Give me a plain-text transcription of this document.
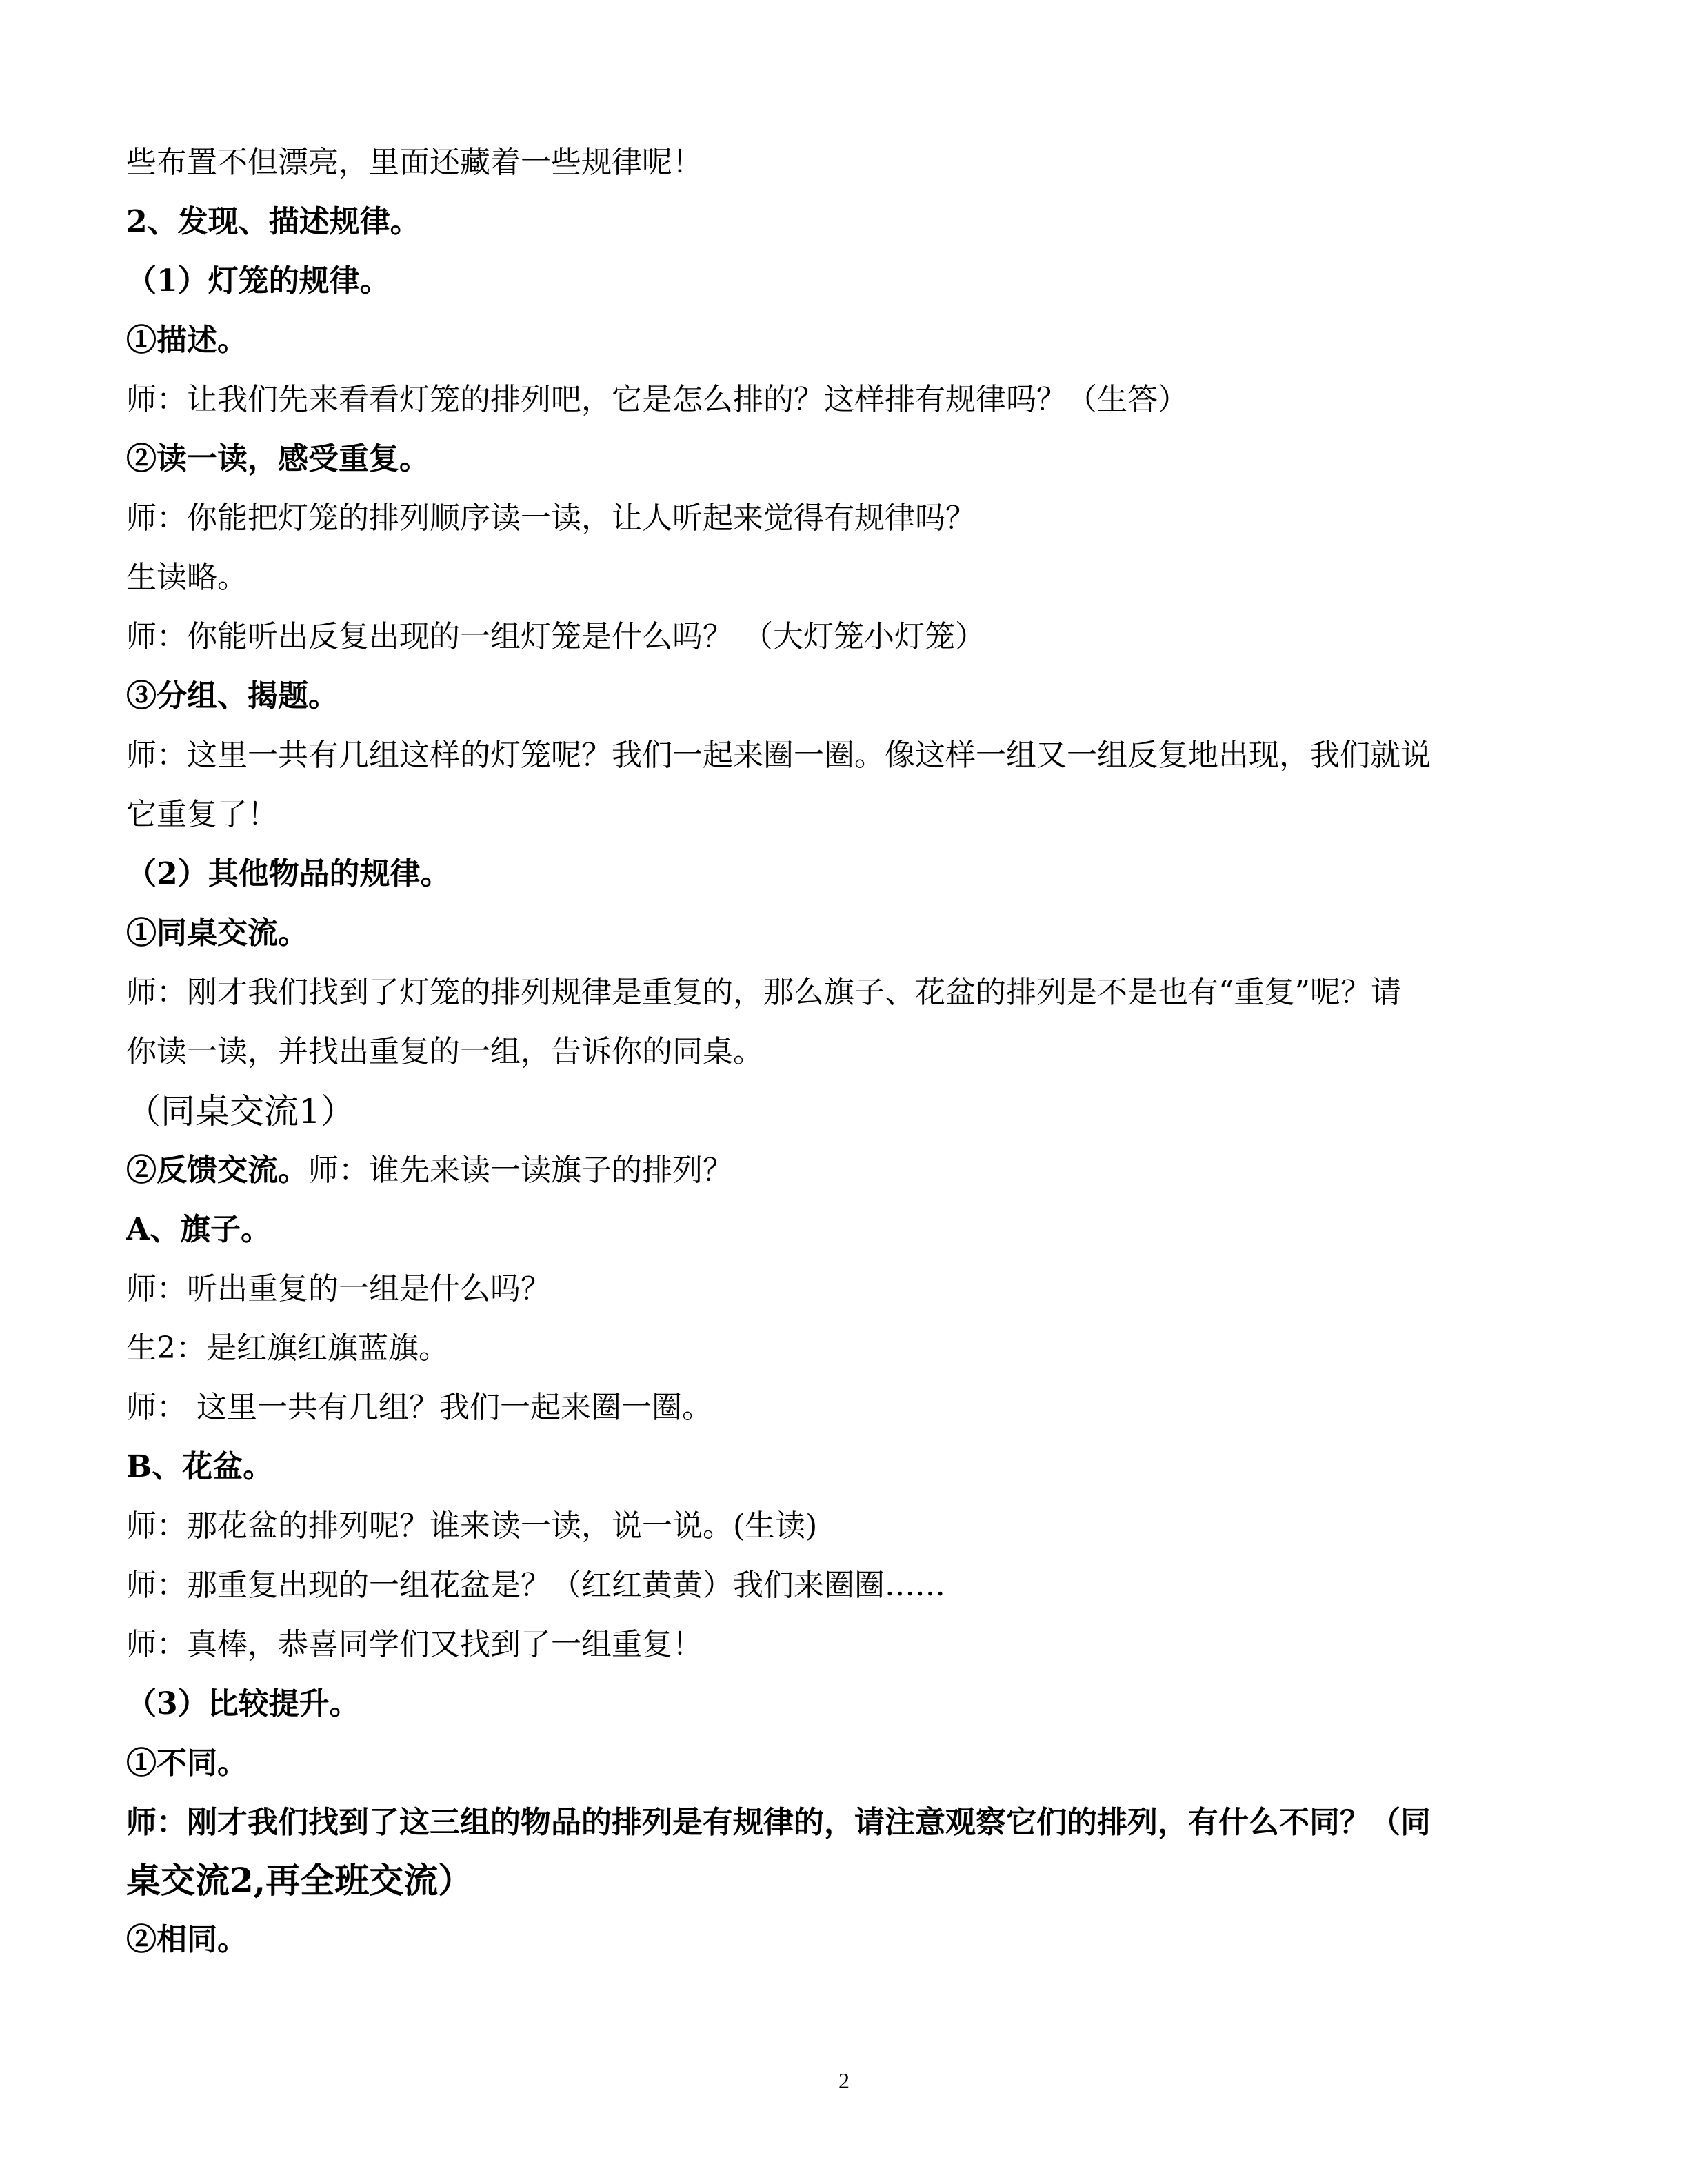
些布置不但漂亮，里面还藏着一些规律呢！
2、发现、描述规律。
（1）灯笼的规律。
①描述。
师：让我们先来看看灯笼的排列吧，它是怎么排的？这样排有规律吗？（生答）
②读一读，感受重复。
师：你能把灯笼的排列顺序读一读，让人听起来觉得有规律吗？
生读略。
师：你能听出反复出现的一组灯笼是什么吗？ （大灯笼小灯笼）
③分组、揭题。
师：这里一共有几组这样的灯笼呢？我们一起来圈一圈。像这样一组又一组反复地出现，我们就说
它重复了！
（2）其他物品的规律。
①同桌交流。
师：刚才我们找到了灯笼的排列规律是重复的，那么旗子、花盆的排列是不是也有“重复”呢？请
你读一读，并找出重复的一组，告诉你的同桌。
（同桌交流1）
②反馈交流。师：谁先来读一读旗子的排列？
A、旗子。
师：听出重复的一组是什么吗？
生2：是红旗红旗蓝旗。
师： 这里一共有几组？我们一起来圈一圈。
B、花盆。
师：那花盆的排列呢？谁来读一读，说一说。(生读)
师：那重复出现的一组花盆是？（红红黄黄）我们来圈圈……
师：真棒，恭喜同学们又找到了一组重复！
（3）比较提升。
①不同。
师：刚才我们找到了这三组的物品的排列是有规律的，请注意观察它们的排列，有什么不同？（同
桌交流2,再全班交流）
②相同。
2
